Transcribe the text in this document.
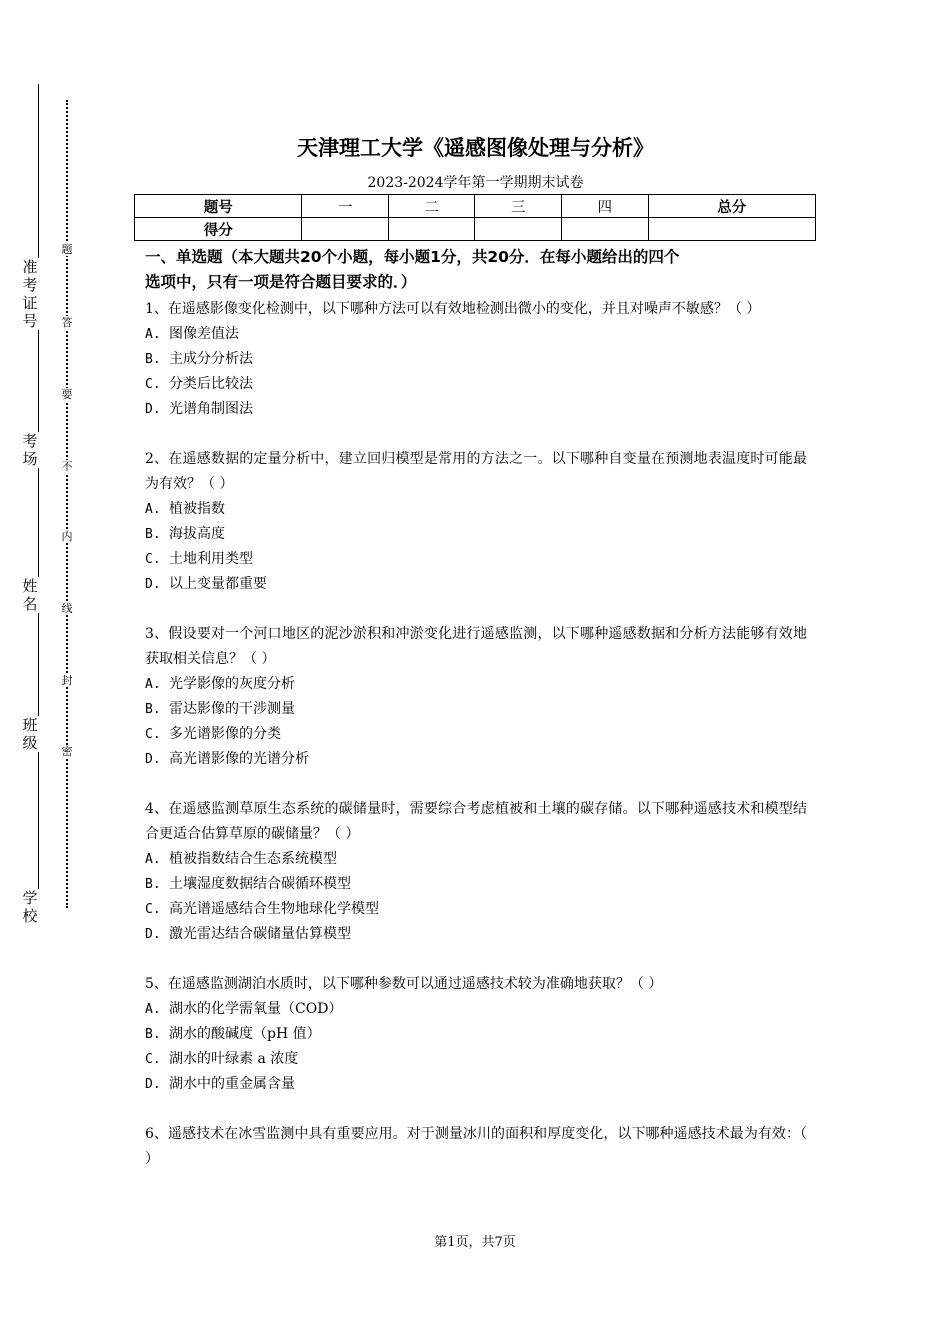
准
考
证
号
考
场
姓
名
班
级
学
校
题
答
要
不
内
线
封
密
天津理工大学《遥感图像处理与分析》
2023-2024学年第一学期期末试卷
题号	一	二	三	四	总分
得分					
一、单选题（本大题共20个小题，每小题1分，共20分．在每小题给出的四个
选项中，只有一项是符合题目要求的．）
1、在遥感影像变化检测中，以下哪种方法可以有效地检测出微小的变化，并且对噪声不敏感？（ ）
A. 图像差值法
B. 主成分分析法
C. 分类后比较法
D. 光谱角制图法
2、在遥感数据的定量分析中，建立回归模型是常用的方法之一。以下哪种自变量在预测地表温度时可能最为有效？（ ）
A. 植被指数
B. 海拔高度
C. 土地利用类型
D. 以上变量都重要
3、假设要对一个河口地区的泥沙淤积和冲淤变化进行遥感监测，以下哪种遥感数据和分析方法能够有效地获取相关信息？（ ）
A. 光学影像的灰度分析
B. 雷达影像的干涉测量
C. 多光谱影像的分类
D. 高光谱影像的光谱分析
4、在遥感监测草原生态系统的碳储量时，需要综合考虑植被和土壤的碳存储。以下哪种遥感技术和模型结合更适合估算草原的碳储量？（ ）
A. 植被指数结合生态系统模型
B. 土壤湿度数据结合碳循环模型
C. 高光谱遥感结合生物地球化学模型
D. 激光雷达结合碳储量估算模型
5、在遥感监测湖泊水质时，以下哪种参数可以通过遥感技术较为准确地获取？（ ）
A. 湖水的化学需氧量（COD）
B. 湖水的酸碱度（pH 值）
C. 湖水的叶绿素 a 浓度
D. 湖水中的重金属含量
6、遥感技术在冰雪监测中具有重要应用。对于测量冰川的面积和厚度变化，以下哪种遥感技术最为有效：（ ）
第1页，共7页
